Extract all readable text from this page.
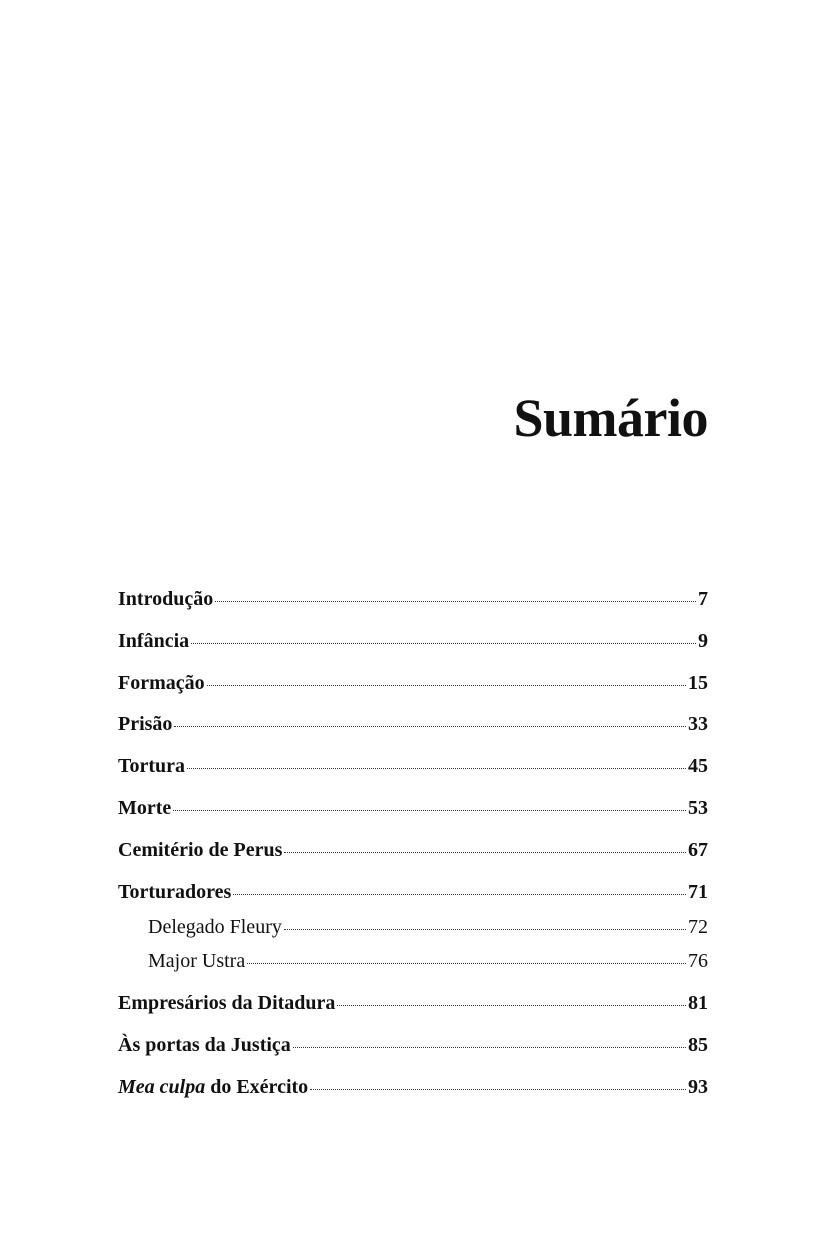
Sumário
Introdução	7
Infância	9
Formação	15
Prisão	33
Tortura	45
Morte	53
Cemitério de Perus	67
Torturadores	71
Delegado Fleury	72
Major Ustra	76
Empresários da Ditadura	81
Às portas da Justiça	85
Mea culpa do Exército	93
